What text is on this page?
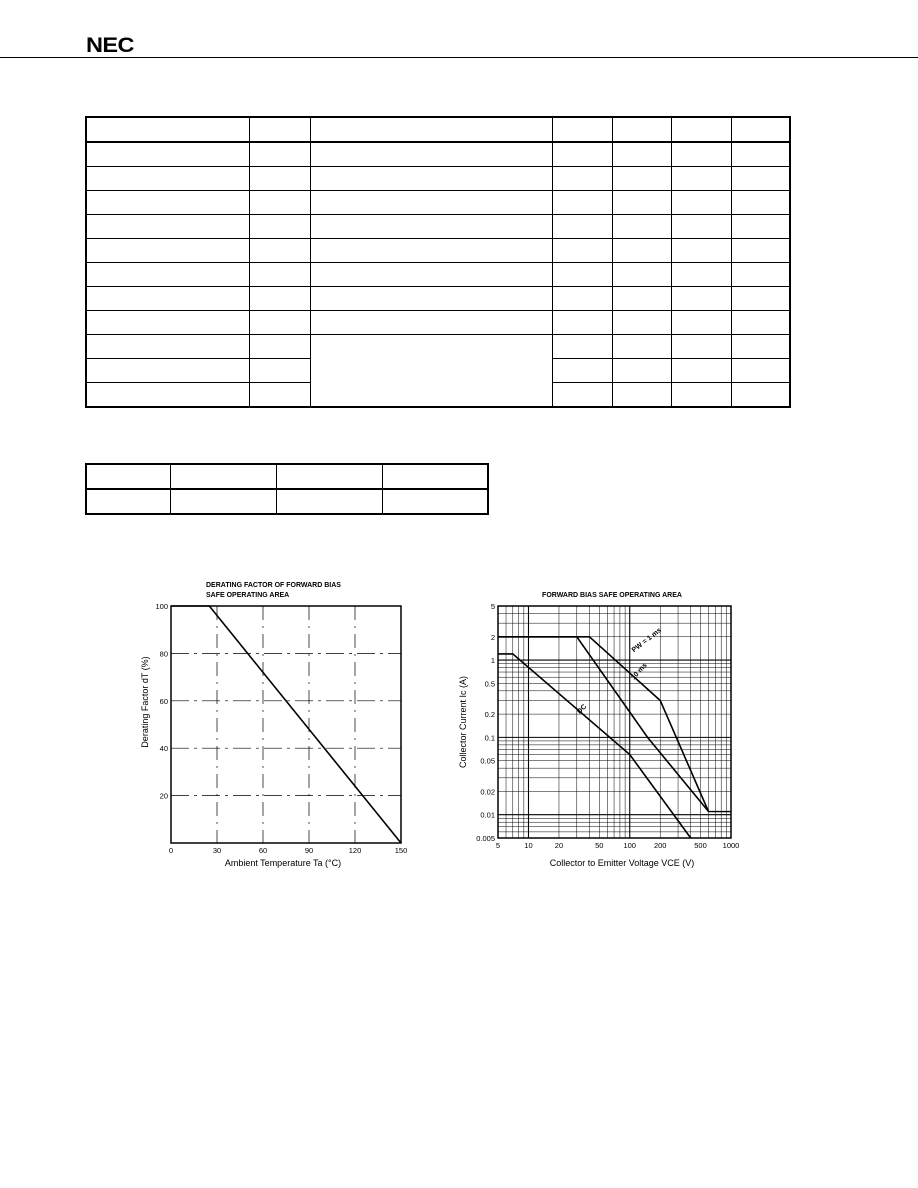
NEC

DERATING FACTOR OF FORWARD BIAS
SAFE OPERATING AREA
0	30	60	90	120	150
20
40
60
80
100
Ambient Temperature Ta (°C)
Derating Factor dT (%)
FORWARD BIAS SAFE OPERATING AREA
5	10	20	50	100 200	500 1000
5
2
1
0.5
0.2
0.1
0.05
0.02
0.01
0.005
PW = 1 ms
10 ms
DC
Collector to Emitter Voltage VCE (V)
Collector Current Ic (A)
